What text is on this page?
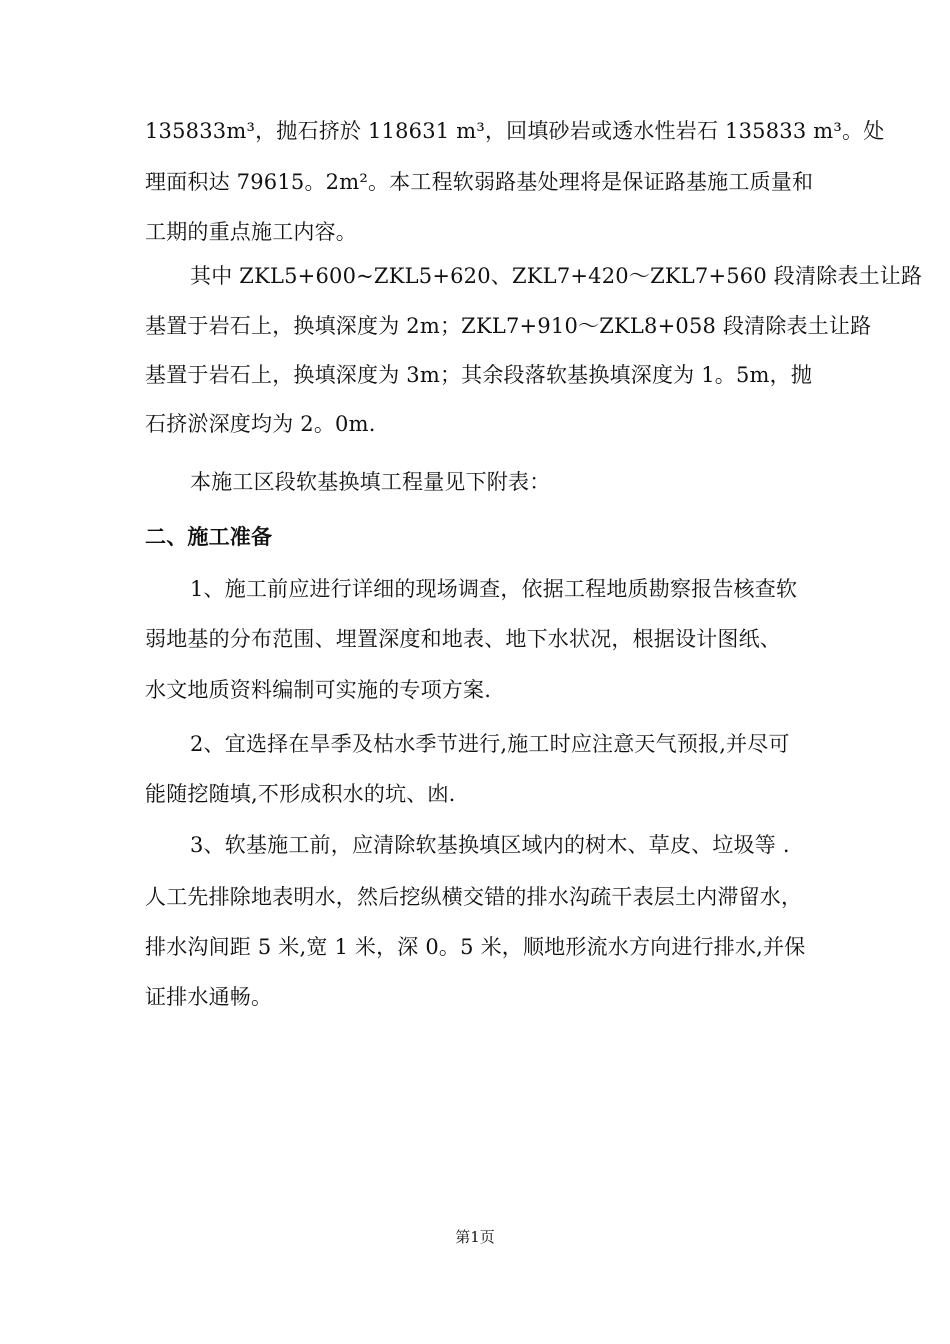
135833m³，抛石挤於 118631 m³，回填砂岩或透水性岩石 135833 m³。处
理面积达 79615。2m²。本工程软弱路基处理将是保证路基施工质量和
工期的重点施工内容。
其中 ZKL5+600~ZKL5+620、ZKL7+420～ZKL7+560 段清除表土让路
基置于岩石上，换填深度为 2m；ZKL7+910～ZKL8+058 段清除表土让路
基置于岩石上，换填深度为 3m；其余段落软基换填深度为 1。5m，抛
石挤淤深度均为 2。0m.
本施工区段软基换填工程量见下附表：
二、施工准备
1、施工前应进行详细的现场调查，依据工程地质勘察报告核查软
弱地基的分布范围、埋置深度和地表、地下水状况，根据设计图纸、
水文地质资料编制可实施的专项方案.
2、宜选择在旱季及枯水季节进行,施工时应注意天气预报,并尽可
能随挖随填,不形成积水的坑、凼.
3、软基施工前，应清除软基换填区域内的树木、草皮、垃圾等 .
人工先排除地表明水，然后挖纵横交错的排水沟疏干表层土内滞留水，
排水沟间距 5 米,宽 1 米，深 0。5 米，顺地形流水方向进行排水,并保
证排水通畅。
第1页
